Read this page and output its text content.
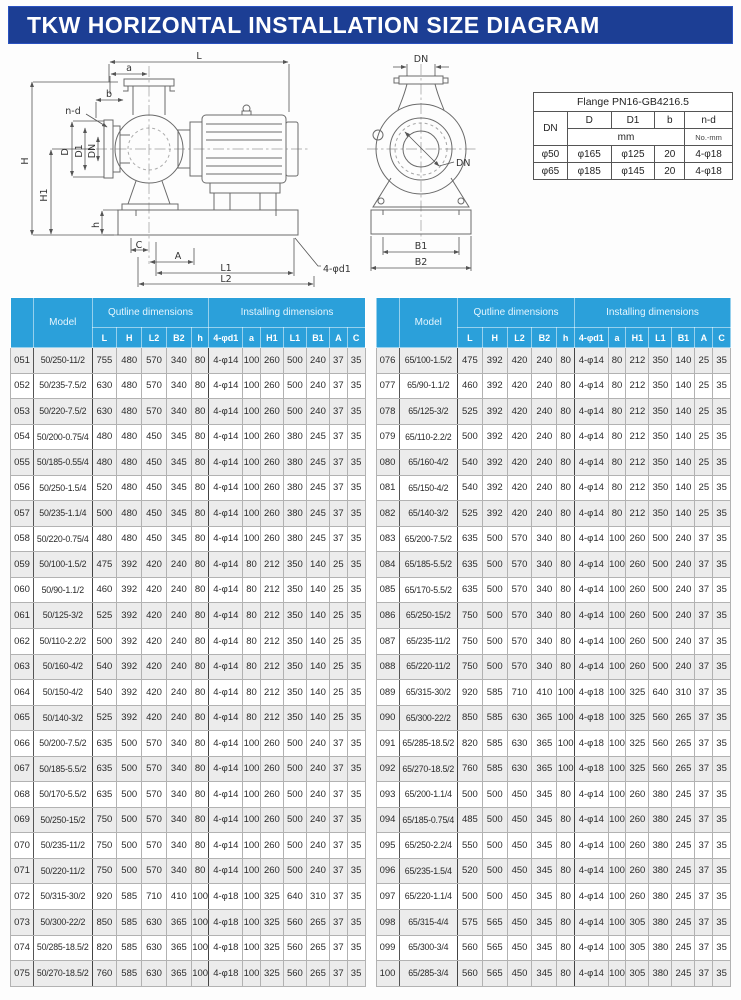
TKW HORIZONTAL INSTALLATION SIZE DIAGRAM
L
a
b
n-d
H
H1
D D1 DN
h
C
A
L1
L2
4-φd1
DN
DN
B1
B2
Flange PN16-GB4216.5				
DN	D	D1	b	n-d
	mm			No.-mm
φ50	φ165	φ125	20	4-φ18
φ65	φ185	φ145	20	4-φ18
	Model	Qutline dimensions					Installing dimensions						
		L	H	L2	B2	h	4-φd1	a	H1	L1	B1	A	C
051	50/250-11/2	755	480	570	340	80	4-φ14	100	260	500	240	37	35
052	50/235-7.5/2	630	480	570	340	80	4-φ14	100	260	500	240	37	35
053	50/220-7.5/2	630	480	570	340	80	4-φ14	100	260	500	240	37	35
054	50/200-0.75/4	480	480	450	345	80	4-φ14	100	260	380	245	37	35
055	50/185-0.55/4	480	480	450	345	80	4-φ14	100	260	380	245	37	35
056	50/250-1.5/4	520	480	450	345	80	4-φ14	100	260	380	245	37	35
057	50/235-1.1/4	500	480	450	345	80	4-φ14	100	260	380	245	37	35
058	50/220-0.75/4	480	480	450	345	80	4-φ14	100	260	380	245	37	35
059	50/100-1.5/2	475	392	420	240	80	4-φ14	80	212	350	140	25	35
060	50/90-1.1/2	460	392	420	240	80	4-φ14	80	212	350	140	25	35
061	50/125-3/2	525	392	420	240	80	4-φ14	80	212	350	140	25	35
062	50/110-2.2/2	500	392	420	240	80	4-φ14	80	212	350	140	25	35
063	50/160-4/2	540	392	420	240	80	4-φ14	80	212	350	140	25	35
064	50/150-4/2	540	392	420	240	80	4-φ14	80	212	350	140	25	35
065	50/140-3/2	525	392	420	240	80	4-φ14	80	212	350	140	25	35
066	50/200-7.5/2	635	500	570	340	80	4-φ14	100	260	500	240	37	35
067	50/185-5.5/2	635	500	570	340	80	4-φ14	100	260	500	240	37	35
068	50/170-5.5/2	635	500	570	340	80	4-φ14	100	260	500	240	37	35
069	50/250-15/2	750	500	570	340	80	4-φ14	100	260	500	240	37	35
070	50/235-11/2	750	500	570	340	80	4-φ14	100	260	500	240	37	35
071	50/220-11/2	750	500	570	340	80	4-φ14	100	260	500	240	37	35
072	50/315-30/2	920	585	710	410	100	4-φ18	100	325	640	310	37	35
073	50/300-22/2	850	585	630	365	100	4-φ18	100	325	560	265	37	35
074	50/285-18.5/2	820	585	630	365	100	4-φ18	100	325	560	265	37	35
075	50/270-18.5/2	760	585	630	365	100	4-φ18	100	325	560	265	37	35
	Model	Qutline dimensions					Installing dimensions						
		L	H	L2	B2	h	4-φd1	a	H1	L1	B1	A	C
076	65/100-1.5/2	475	392	420	240	80	4-φ14	80	212	350	140	25	35
077	65/90-1.1/2	460	392	420	240	80	4-φ14	80	212	350	140	25	35
078	65/125-3/2	525	392	420	240	80	4-φ14	80	212	350	140	25	35
079	65/110-2.2/2	500	392	420	240	80	4-φ14	80	212	350	140	25	35
080	65/160-4/2	540	392	420	240	80	4-φ14	80	212	350	140	25	35
081	65/150-4/2	540	392	420	240	80	4-φ14	80	212	350	140	25	35
082	65/140-3/2	525	392	420	240	80	4-φ14	80	212	350	140	25	35
083	65/200-7.5/2	635	500	570	340	80	4-φ14	100	260	500	240	37	35
084	65/185-5.5/2	635	500	570	340	80	4-φ14	100	260	500	240	37	35
085	65/170-5.5/2	635	500	570	340	80	4-φ14	100	260	500	240	37	35
086	65/250-15/2	750	500	570	340	80	4-φ14	100	260	500	240	37	35
087	65/235-11/2	750	500	570	340	80	4-φ14	100	260	500	240	37	35
088	65/220-11/2	750	500	570	340	80	4-φ14	100	260	500	240	37	35
089	65/315-30/2	920	585	710	410	100	4-φ18	100	325	640	310	37	35
090	65/300-22/2	850	585	630	365	100	4-φ18	100	325	560	265	37	35
091	65/285-18.5/2	820	585	630	365	100	4-φ18	100	325	560	265	37	35
092	65/270-18.5/2	760	585	630	365	100	4-φ18	100	325	560	265	37	35
093	65/200-1.1/4	500	500	450	345	80	4-φ14	100	260	380	245	37	35
094	65/185-0.75/4	485	500	450	345	80	4-φ14	100	260	380	245	37	35
095	65/250-2.2/4	550	500	450	345	80	4-φ14	100	260	380	245	37	35
096	65/235-1.5/4	520	500	450	345	80	4-φ14	100	260	380	245	37	35
097	65/220-1.1/4	500	500	450	345	80	4-φ14	100	260	380	245	37	35
098	65/315-4/4	575	565	450	345	80	4-φ14	100	305	380	245	37	35
099	65/300-3/4	560	565	450	345	80	4-φ14	100	305	380	245	37	35
100	65/285-3/4	560	565	450	345	80	4-φ14	100	305	380	245	37	35
